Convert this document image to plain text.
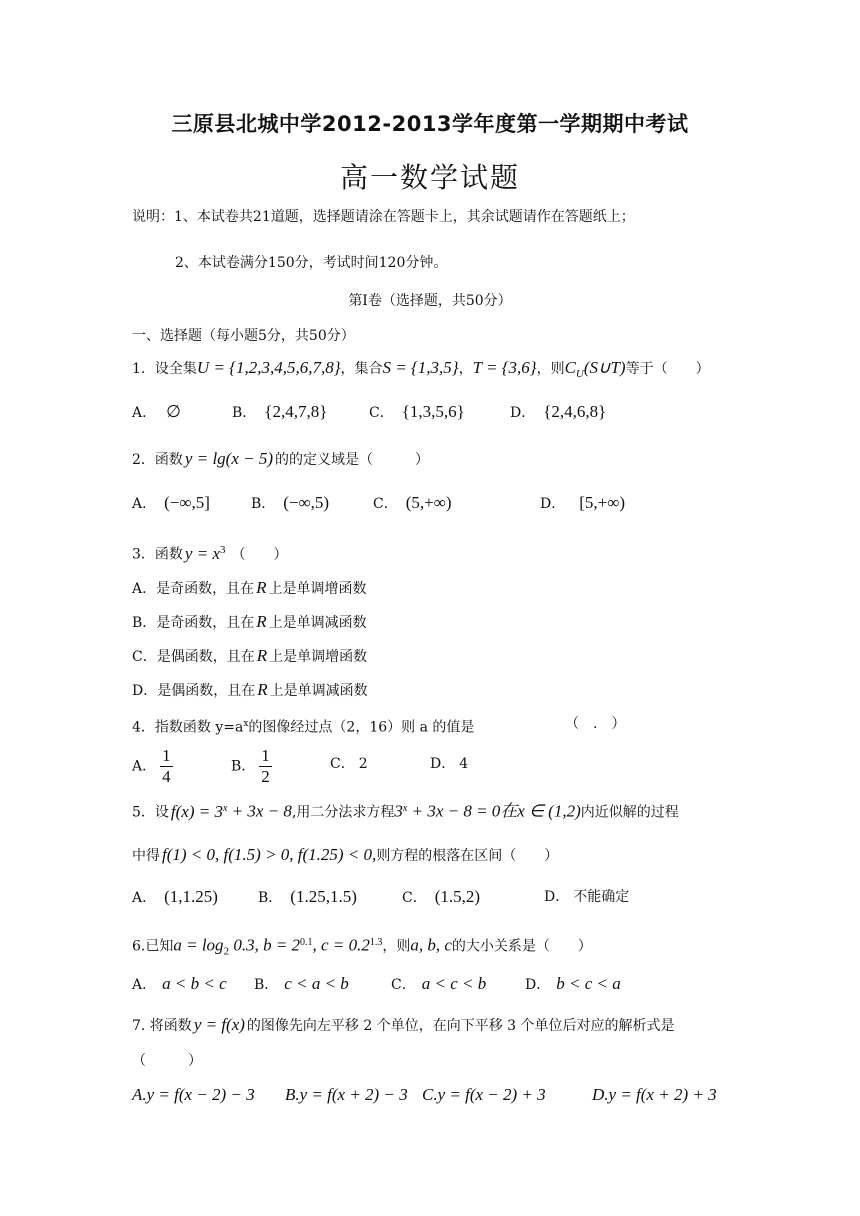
三原县北城中学2012-2013学年度第一学期期中考试
高一数学试题
说明：1、本试卷共21道题，选择题请涂在答题卡上，其余试题请作在答题纸上；
2、本试卷满分150分，考试时间120分钟。
第Ⅰ卷（选择题，共50分）
一、选择题（每小题5分，共50分）
1．设全集U = {1,2,3,4,5,6,7,8}，集合S = {1,3,5}，T = {3,6}，则$C_U(S\cup T)$等于（　　）
A． ∅	B． {2,4,7,8}	C． {1,3,5,6}	D． {2,4,6,8}
2．函数 y = lg(x − 5) 的的定义域是（　　　）
A． (−∞,5]	B． (−∞,5)	C． (5,+∞)	D． [5,+∞)
3．函数 $y = x^3$ （　　）
A．是奇函数，且在 R 上是单调增函数
B．是奇函数，且在 R 上是单调减函数
C．是偶函数，且在 R 上是单调增函数
D．是偶函数，且在 R 上是单调减函数
4．指数函数 $y=a^x$的图像经过点（2，16）则 a 的值是	（　.　）
A． $\frac{1}{4}$	B． $\frac{1}{2}$	C． 2	D． 4
5．设 $f(x) = 3^x + 3x - 8$,用二分法求方程$3^x + 3x - 8 = 0$在x ∈ (1,2)内近似解的过程
中得 f(1) < 0, f(1.5) > 0, f(1.25) < 0,则方程的根落在区间（　　）
A． (1,1.25)	B． (1.25,1.5)	C． (1.5,2)	D． 不能确定
6.已知$a = \log_2 0.3$, $b = 2^{0.1}$, $c = 0.2^{1.3}$，则a, b, c的大小关系是（　　）
A． a < b < c B． c < a < b	C． a < c < b	D． b < c < a
7. 将函数 y = f(x) 的图像先向左平移 2 个单位，在向下平移 3 个单位后对应的解析式是
（　　　）
A.y = f(x − 2) − 3 B.y = f(x + 2) − 3 C.y = f(x − 2) + 3	D.y = f(x + 2) + 3
